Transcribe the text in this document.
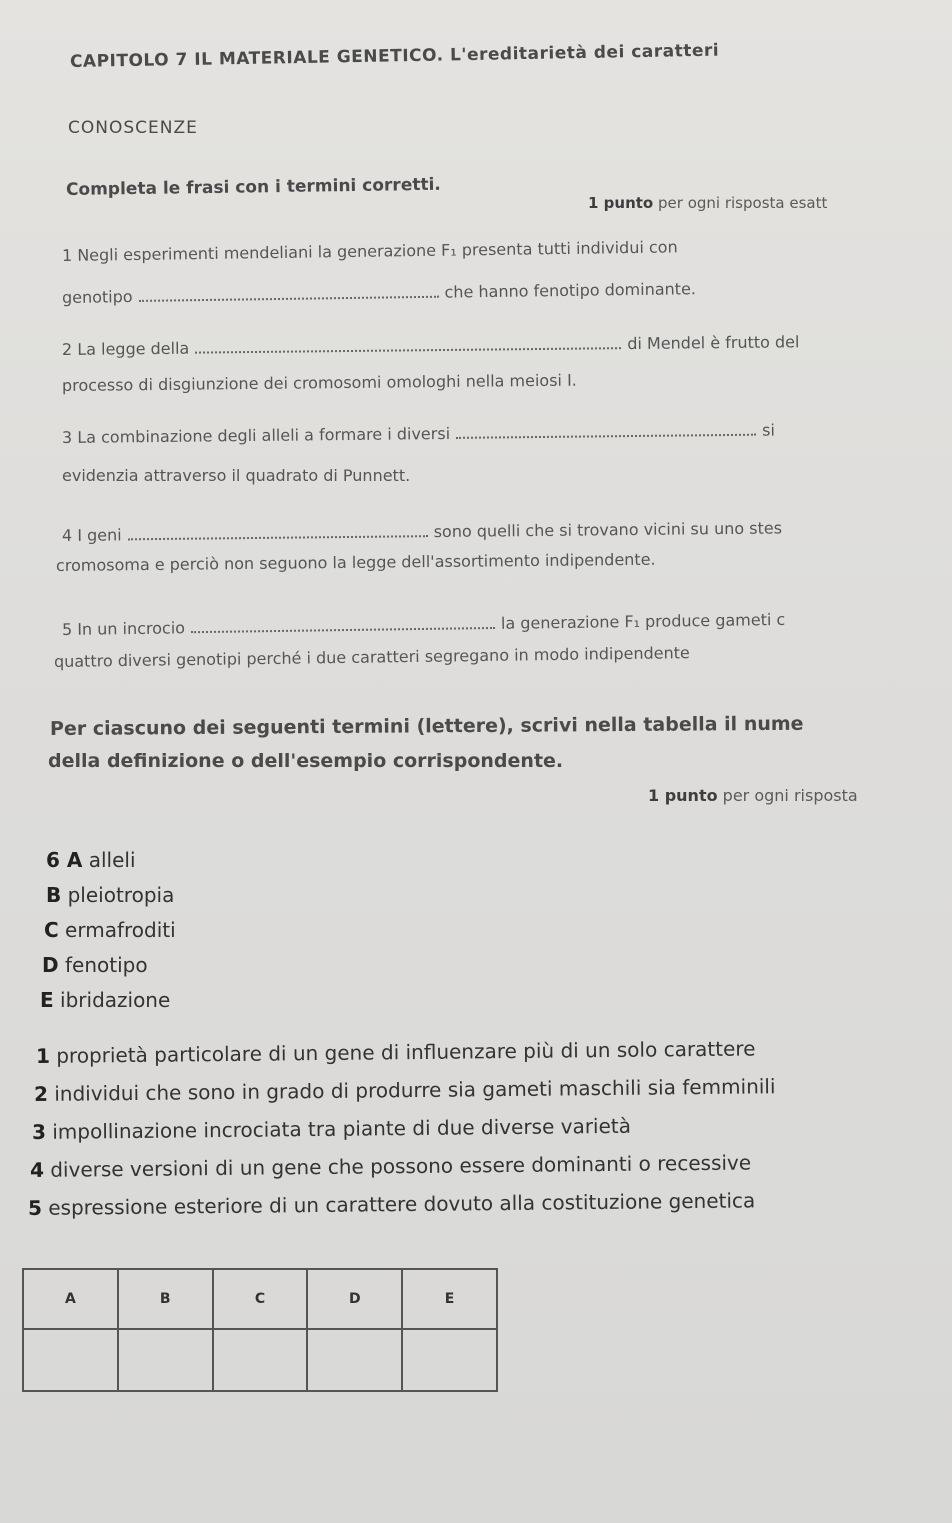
CAPITOLO 7 IL MATERIALE GENETICO. L'ereditarietà dei caratteri
CONOSCENZE
Completa le frasi con i termini corretti.
1 punto per ogni risposta esatt
1 Negli esperimenti mendeliani la generazione F₁ presenta tutti individui con
genotipo	che hanno fenotipo dominante.
2 La legge della	di Mendel è frutto del
processo di disgiunzione dei cromosomi omologhi nella meiosi I.
3 La combinazione degli alleli a formare i diversi	si
evidenzia attraverso il quadrato di Punnett.
4 I geni	sono quelli che si trovano vicini su uno stes
cromosoma e perciò non seguono la legge dell'assortimento indipendente.
5 In un incrocio	la generazione F₁ produce gameti c
quattro diversi genotipi perché i due caratteri segregano in modo indipendente
Per ciascuno dei seguenti termini (lettere), scrivi nella tabella il nume
della definizione o dell'esempio corrispondente.
1 punto per ogni risposta
6 A alleli
B pleiotropia
C ermafroditi
D fenotipo
E ibridazione
1 proprietà particolare di un gene di influenzare più di un solo carattere
2 individui che sono in grado di produrre sia gameti maschili sia femminili
3 impollinazione incrociata tra piante di due diverse varietà
4 diverse versioni di un gene che possono essere dominanti o recessive
5 espressione esteriore di un carattere dovuto alla costituzione genetica
A	B	C	D	E
